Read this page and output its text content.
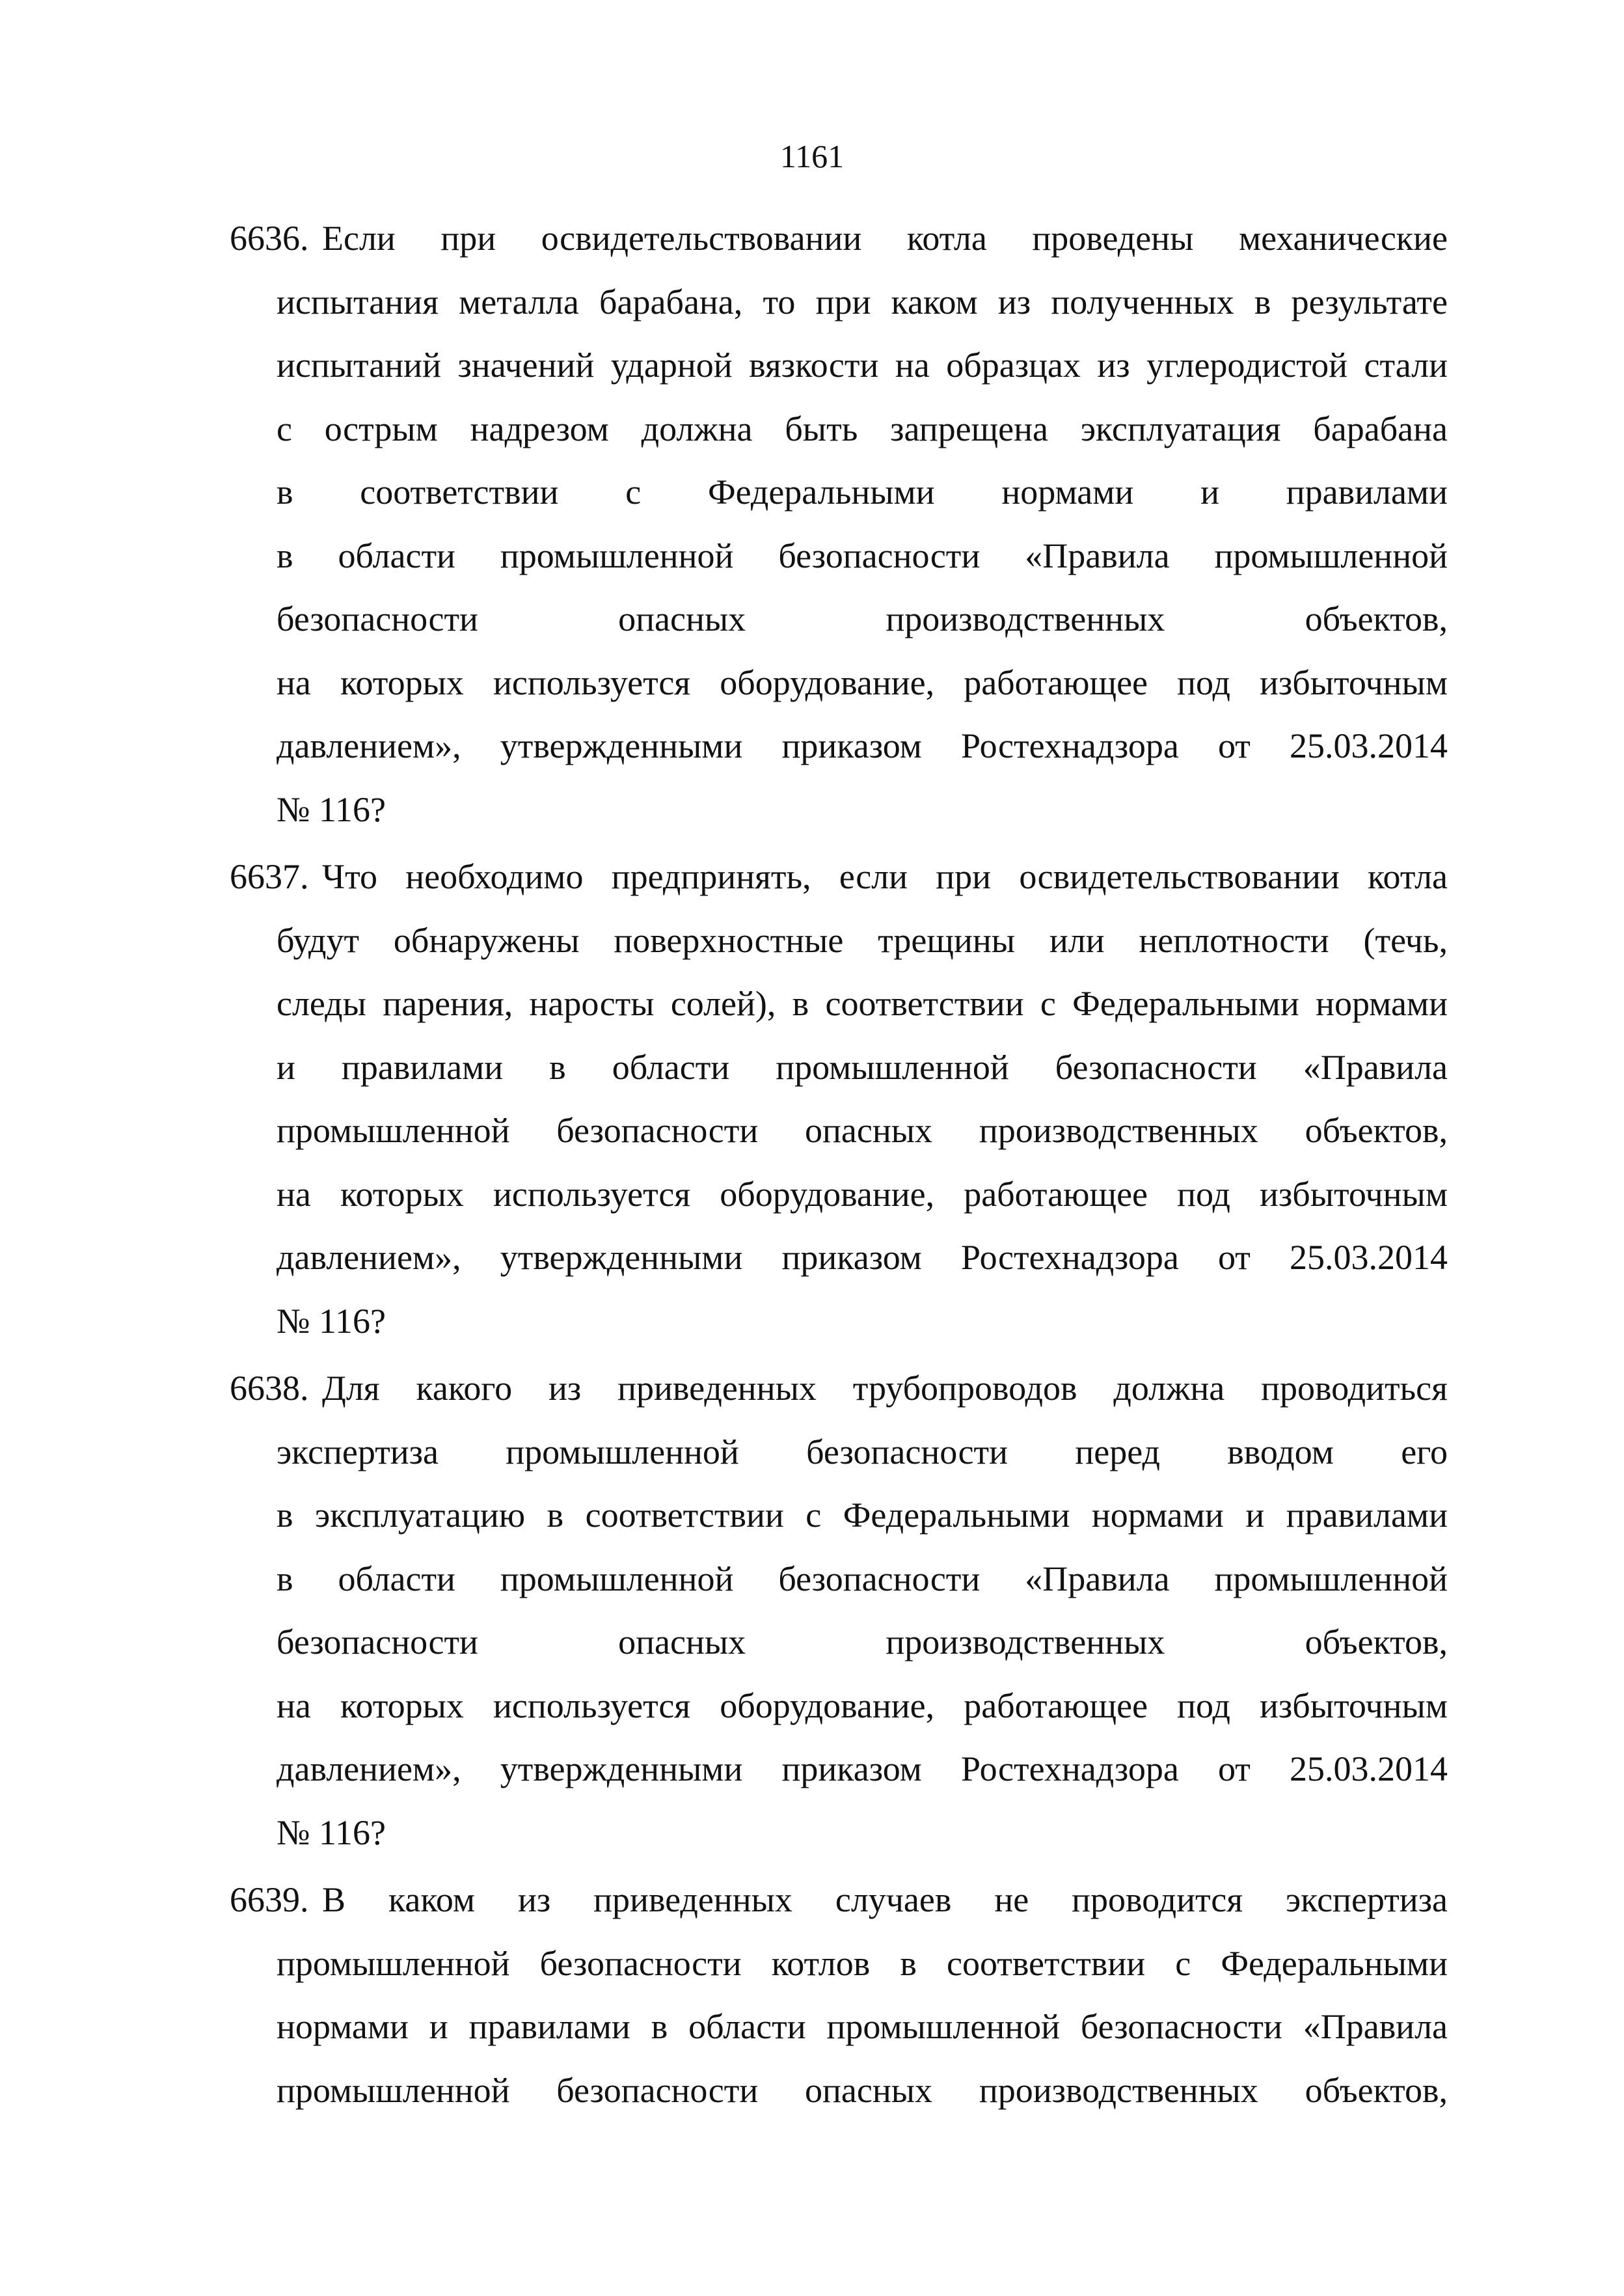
1161
6636. Если при освидетельствовании котла проведены механические
испытания металла барабана, то при каком из полученных в результате
испытаний значений ударной вязкости на образцах из углеродистой стали
с острым надрезом должна быть запрещена эксплуатация барабана
в соответствии с Федеральными нормами и правилами
в области промышленной безопасности «Правила промышленной
безопасности опасных производственных объектов,
на которых используется оборудование, работающее под избыточным
давлением», утвержденными приказом Ростехнадзора от 25.03.2014
№ 116?
6637. Что необходимо предпринять, если при освидетельствовании котла
будут обнаружены поверхностные трещины или неплотности (течь,
следы парения, наросты солей), в соответствии с Федеральными нормами
и правилами в области промышленной безопасности «Правила
промышленной безопасности опасных производственных объектов,
на которых используется оборудование, работающее под избыточным
давлением», утвержденными приказом Ростехнадзора от 25.03.2014
№ 116?
6638. Для какого из приведенных трубопроводов должна проводиться
экспертиза промышленной безопасности перед вводом его
в эксплуатацию в соответствии с Федеральными нормами и правилами
в области промышленной безопасности «Правила промышленной
безопасности опасных производственных объектов,
на которых используется оборудование, работающее под избыточным
давлением», утвержденными приказом Ростехнадзора от 25.03.2014
№ 116?
6639. В каком из приведенных случаев не проводится экспертиза
промышленной безопасности котлов в соответствии с Федеральными
нормами и правилами в области промышленной безопасности «Правила
промышленной безопасности опасных производственных объектов,
